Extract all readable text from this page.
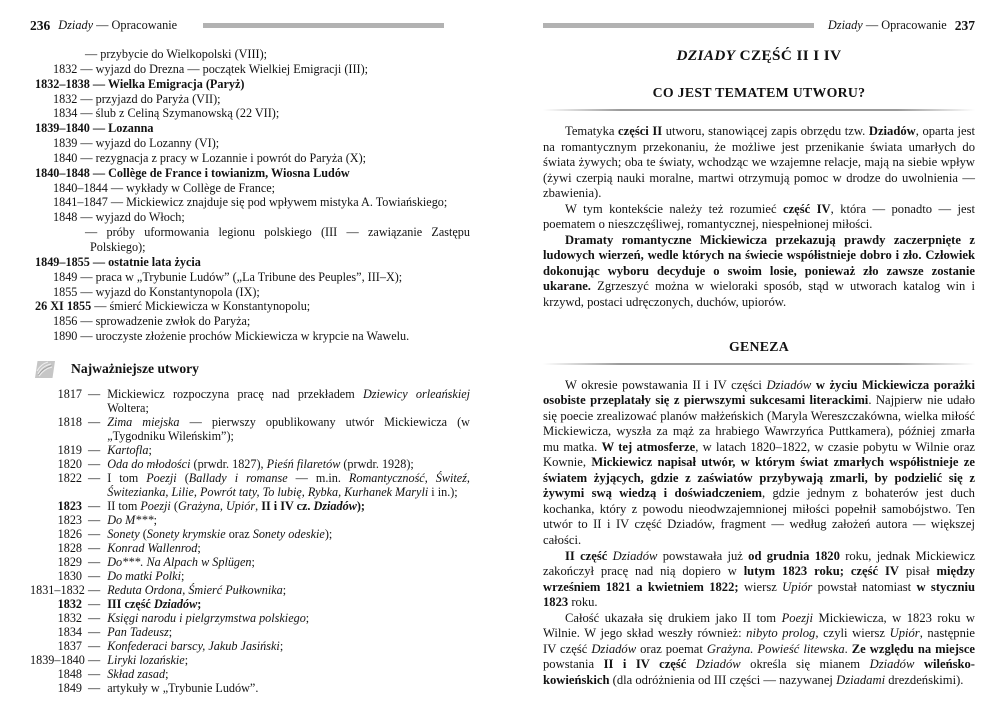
236 Dziady — Opracowanie
— przybycie do Wielkopolski (VIII);
1832 — wyjazd do Drezna — początek Wielkiej Emigracji (III);
1832–1838 — Wielka Emigracja (Paryż)
1832 — przyjazd do Paryża (VII);
1834 — ślub z Celiną Szymanowską (22 VII);
1839–1840 — Lozanna
1839 — wyjazd do Lozanny (VI);
1840 — rezygnacja z pracy w Lozannie i powrót do Paryża (X);
1840–1848 — Collège de France i towianizm, Wiosna Ludów
1840–1844 — wykłady w Collège de France;
1841–1847 — Mickiewicz znajduje się pod wpływem mistyka A. Towiańskiego;
1848 — wyjazd do Włoch;
— próby uformowania legionu polskiego (III — zawiązanie Zastępu Polskiego);
1849–1855 — ostatnie lata życia
1849 — praca w „Trybunie Ludów” („La Tribune des Peuples”, III–X);
1855 — wyjazd do Konstantynopola (IX);
26 XI 1855 — śmierć Mickiewicza w Konstantynopolu;
1856 — sprowadzenie zwłok do Paryża;
1890 — uroczyste złożenie prochów Mickiewicza w krypcie na Wawelu.
Najważniejsze utwory
1817 — Mickiewicz rozpoczyna pracę nad przekładem Dziewicy orleańskiej Woltera;
1818 — Zima miejska — pierwszy opublikowany utwór Mickiewicza (w „Tygodniku Wileńskim”);
1819 — Kartofla;
1820 — Oda do młodości (prwdr. 1827), Pieśń filaretów (prwdr. 1928);
1822 — I tom Poezji (Ballady i romanse — m.in. Romantyczność, Świteź, Świtezianka, Lilie, Powrót taty, To lubię, Rybka, Kurhanek Maryli i in.);
1823 — II tom Poezji (Grażyna, Upiór, II i IV cz. Dziadów);
1823 — Do M***;
1826 — Sonety (Sonety krymskie oraz Sonety odeskie);
1828 — Konrad Wallenrod;
1829 — Do***. Na Alpach w Splügen;
1830 — Do matki Polki;
1831–1832 — Reduta Ordona, Śmierć Pułkownika;
1832 — III część Dziadów;
1832 — Księgi narodu i pielgrzymstwa polskiego;
1834 — Pan Tadeusz;
1837 — Konfederaci barscy, Jakub Jasiński;
1839–1840 — Liryki lozańskie;
1848 — Skład zasad;
1849 — artykuły w „Trybunie Ludów”.
Dziady — Opracowanie 237
DZIADY CZĘŚĆ II I IV
CO JEST TEMATEM UTWORU?

Tematyka części II utworu, stanowiącej zapis obrzędu tzw. Dziadów, oparta jest na romantycznym przekonaniu, że możliwe jest przenikanie świata umarłych do świata żywych; oba te światy, wchodząc we wzajemne relacje, mają na siebie wpływ (żywi czerpią nauki moralne, martwi otrzymują pomoc w drodze do uwolnienia — zbawienia).

W tym kontekście należy też rozumieć część IV, która — ponadto — jest poematem o nieszczęśliwej, romantycznej, niespełnionej miłości.

Dramaty romantyczne Mickiewicza przekazują prawdy zaczerpnięte z ludowych wierzeń, wedle których na świecie współistnieje dobro i zło. Człowiek dokonując wyboru decyduje o swoim losie, ponieważ zło zawsze zostanie ukarane. Zgrzeszyć można w wieloraki sposób, stąd w utworach katalog win i krzywd, postaci udręczonych, duchów, upiorów.

GENEZA

W okresie powstawania II i IV części Dziadów w życiu Mickiewicza porażki osobiste przeplatały się z pierwszymi sukcesami literackimi. Najpierw nie udało się poecie zrealizować planów małżeńskich (Maryla Wereszczakówna, wielka miłość Mickiewicza, wyszła za mąż za hrabiego Wawrzyńca Puttkamera), później zmarła mu matka. W tej atmosferze, w latach 1820–1822, w czasie pobytu w Wilnie oraz Kownie, Mickiewicz napisał utwór, w którym świat zmarłych współistnieje ze światem żyjących, gdzie z zaświatów przybywają zmarli, by podzielić się z żywymi swą wiedzą i doświadczeniem, gdzie jednym z bohaterów jest duch kochanka, który z powodu nieodwzajemnionej miłości popełnił samobójstwo. Ten utwór to II i IV część Dziadów, fragment — według założeń autora — większej całości.

II część Dziadów powstawała już od grudnia 1820 roku, jednak Mickiewicz zakończył pracę nad nią dopiero w lutym 1823 roku; część IV pisał między wrześniem 1821 a kwietniem 1822; wiersz Upiór powstał natomiast w styczniu 1823 roku.

Całość ukazała się drukiem jako II tom Poezji Mickiewicza, w 1823 roku w Wilnie. W jego skład weszły również: nibyto prolog, czyli wiersz Upiór, następnie IV część Dziadów oraz poemat Grażyna. Powieść litewska. Ze względu na miejsce powstania II i IV część Dziadów określa się mianem Dziadów wileńsko-kowieńskich (dla odróżnienia od III części — nazywanej Dziadami drezdeńskimi).
